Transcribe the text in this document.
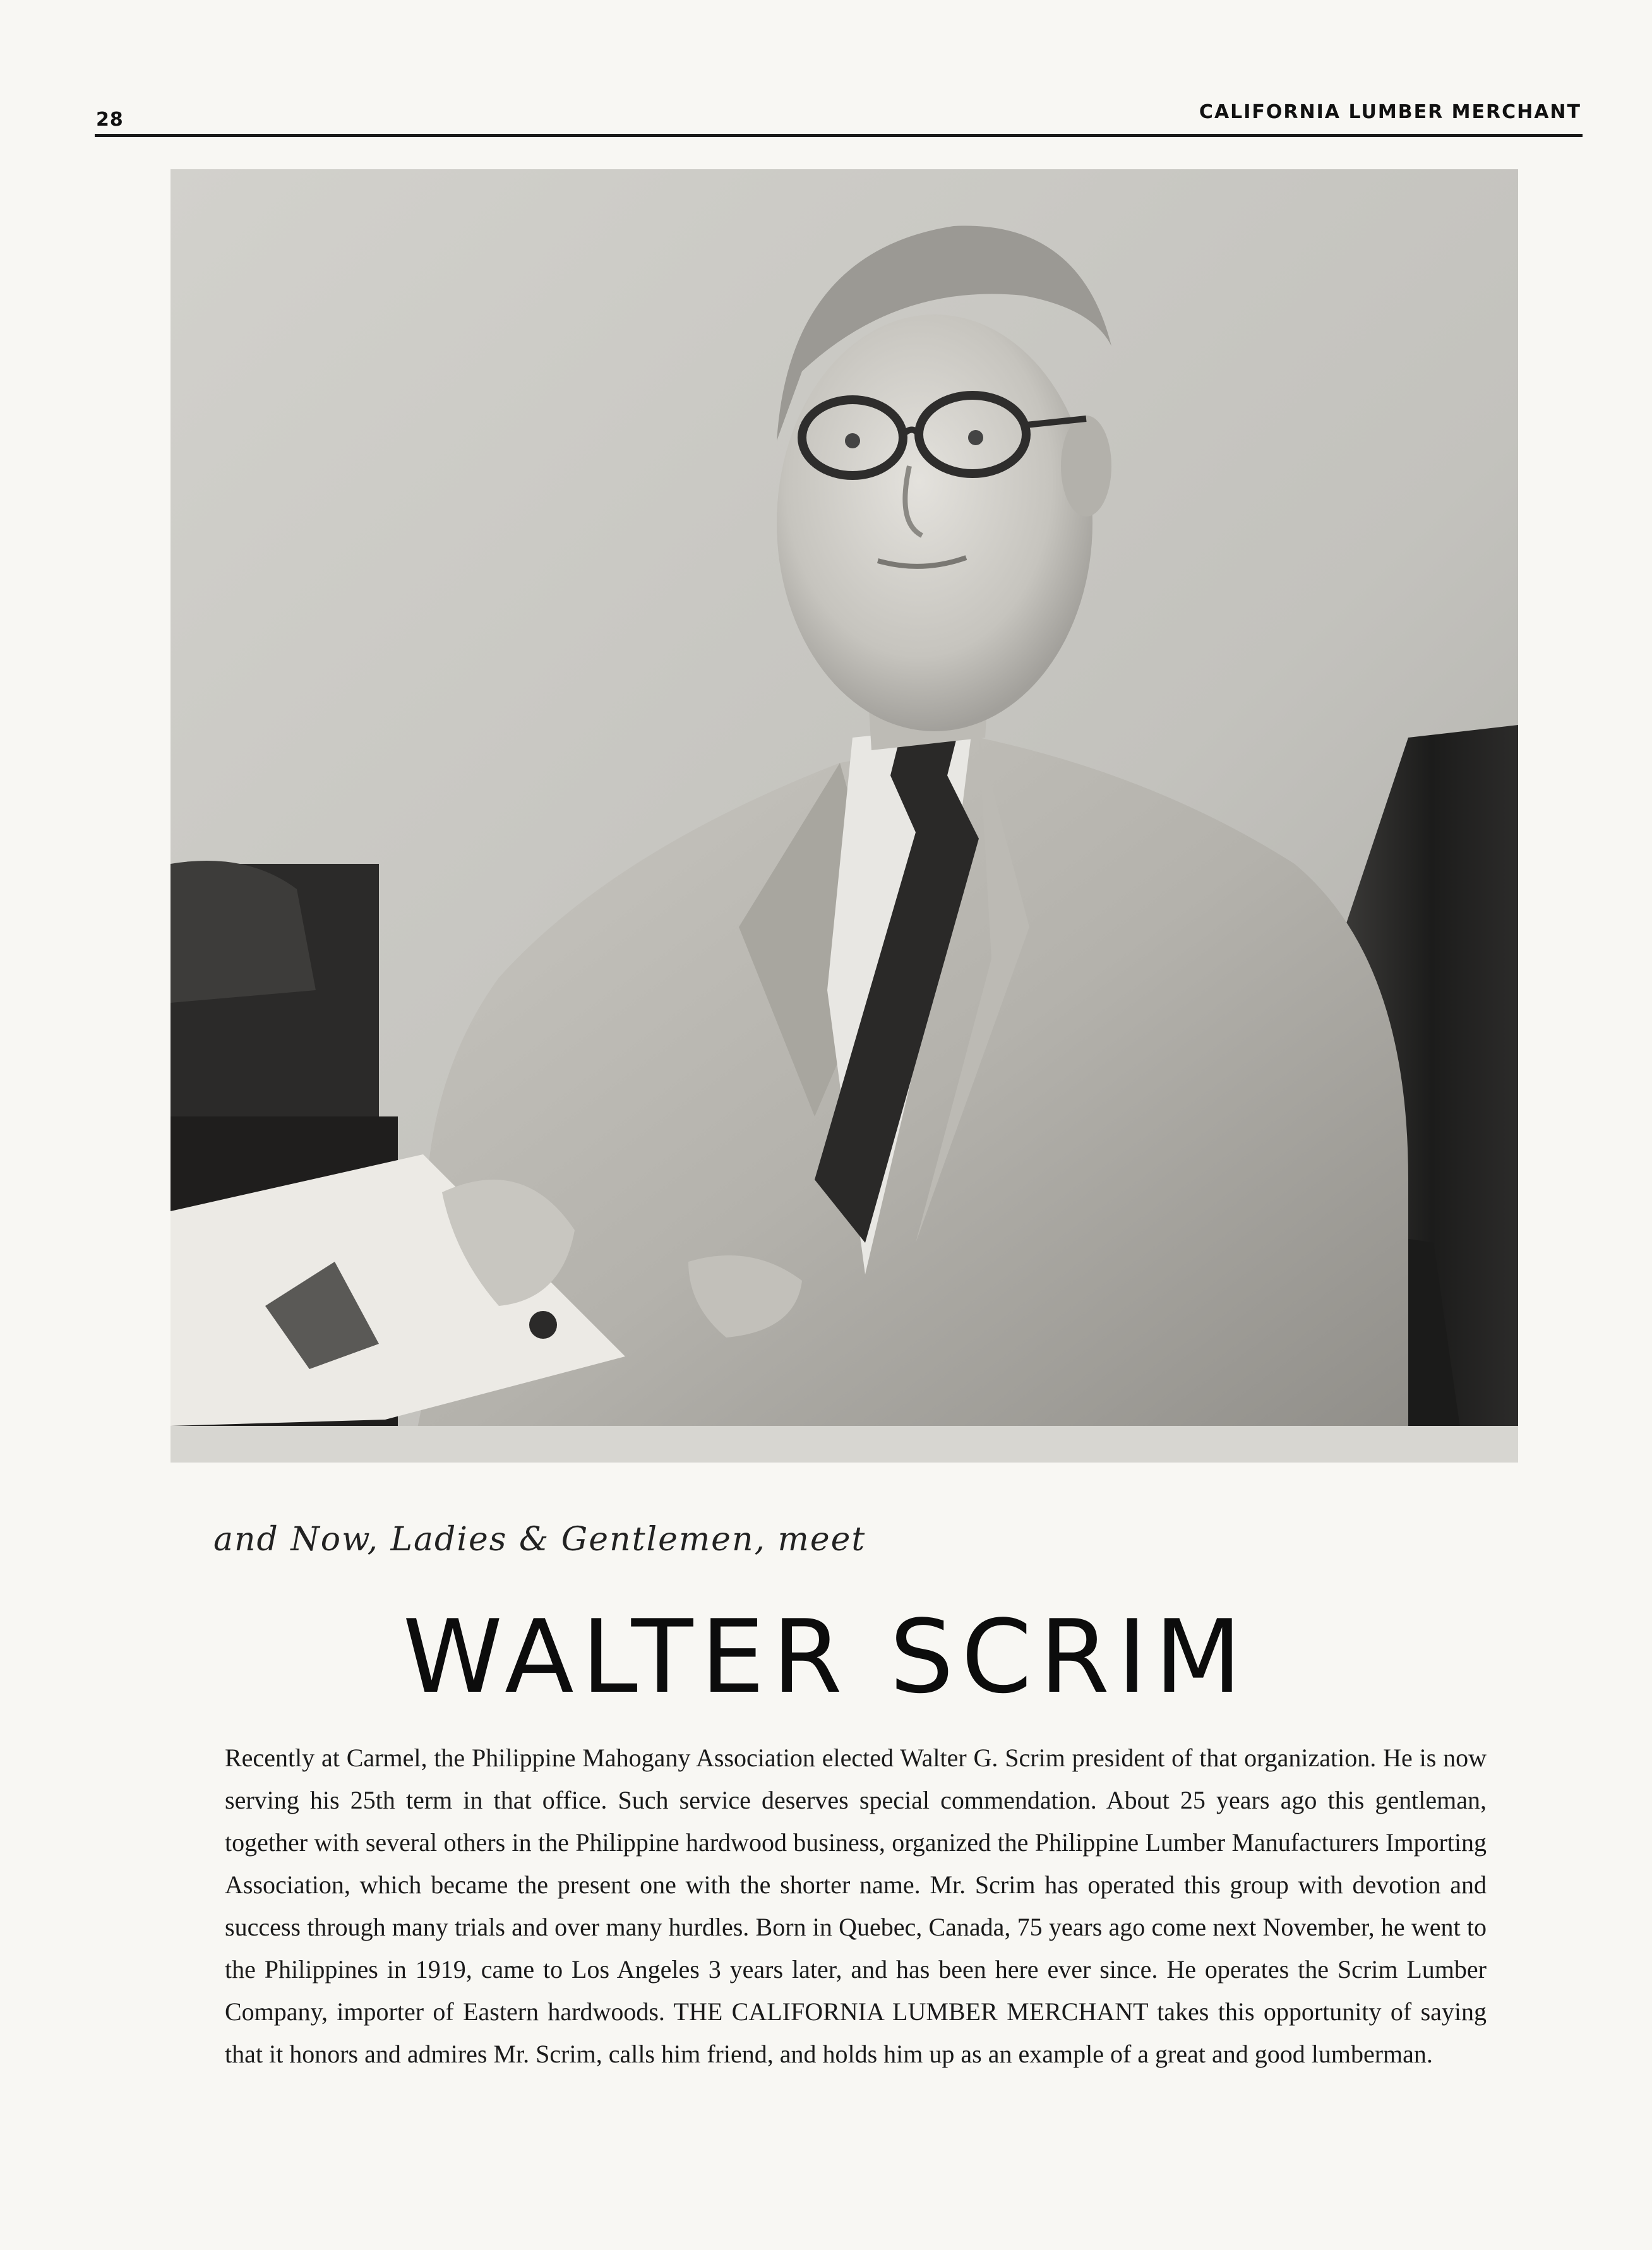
28	CALIFORNIA LUMBER MERCHANT
and Now, Ladies & Gentlemen, meet
WALTER SCRIM
Recently at Carmel, the Philippine Mahogany Association elected Walter G. Scrim president of that organization. He is now serving his 25th term in that office. Such service deserves special commendation. About 25 years ago this gentleman, together with several others in the Philippine hardwood business, organized the Philippine Lumber Manufacturers Importing Association, which became the present one with the shorter name. Mr. Scrim has operated this group with devotion and success through many trials and over many hurdles. Born in Quebec, Canada, 75 years ago come next November, he went to the Philippines in 1919, came to Los Angeles 3 years later, and has been here ever since. He operates the Scrim Lumber Company, importer of Eastern hardwoods. THE CALIFORNIA LUMBER MERCHANT takes this opportunity of saying that it honors and admires Mr. Scrim, calls him friend, and holds him up as an example of a great and good lumberman.
